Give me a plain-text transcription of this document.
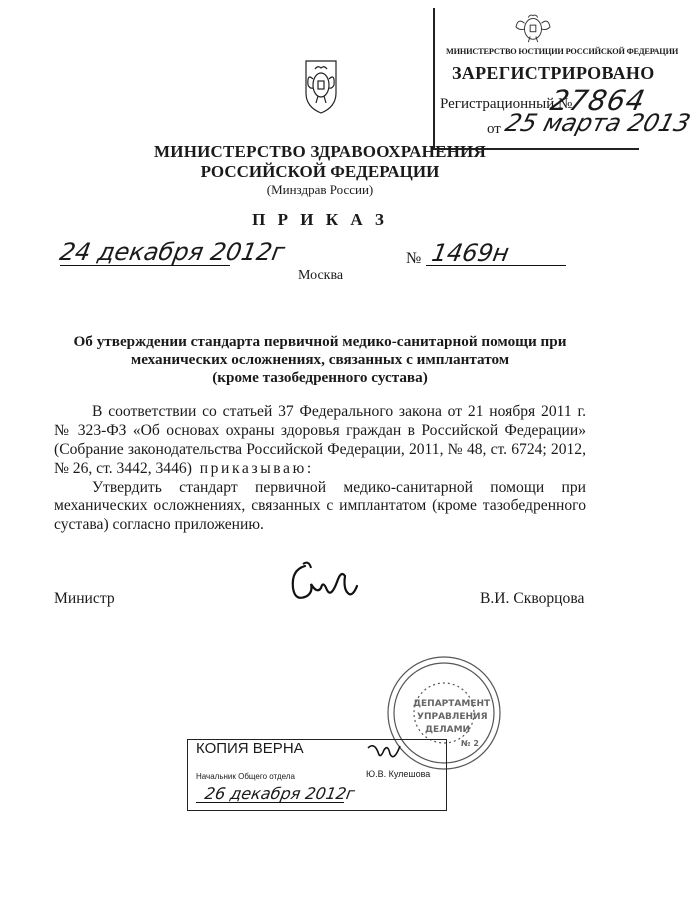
МИНИСТЕРСТВО ЮСТИЦИИ РОССИЙСКОЙ ФЕДЕРАЦИИ
ЗАРЕГИСТРИРОВАНО
Регистрационный №
27864
от 25 марта 2013
МИНИСТЕРСТВО ЗДРАВООХРАНЕНИЯ
РОССИЙСКОЙ ФЕДЕРАЦИИ
(Минздрав России)
П Р И К А З
24 декабря 2012г
Москва
№ 1469н
Об утверждении стандарта первичной медико-санитарной помощи при
механических осложнениях, связанных с имплантатом
(кроме тазобедренного сустава)
В соответствии со статьей 37 Федерального закона от 21 ноября 2011 г.
№ 323-ФЗ «Об основах охраны здоровья граждан в Российской Федерации»
(Собрание законодательства Российской Федерации, 2011, № 48, ст. 6724; 2012,
№ 26, ст. 3442, 3446) приказываю:
Утвердить стандарт первичной медико-санитарной помощи при
механических осложнениях, связанных с имплантатом (кроме тазобедренного
сустава) согласно приложению.
Министр	В.И. Скворцова
ДЕПАРТАМЕНТ
УПРАВЛЕНИЯ
ДЕЛАМИ
№ 2
КОПИЯ ВЕРНА
Начальник Общего отдела	Ю.В. Кулешова
26 декабря 2012г
